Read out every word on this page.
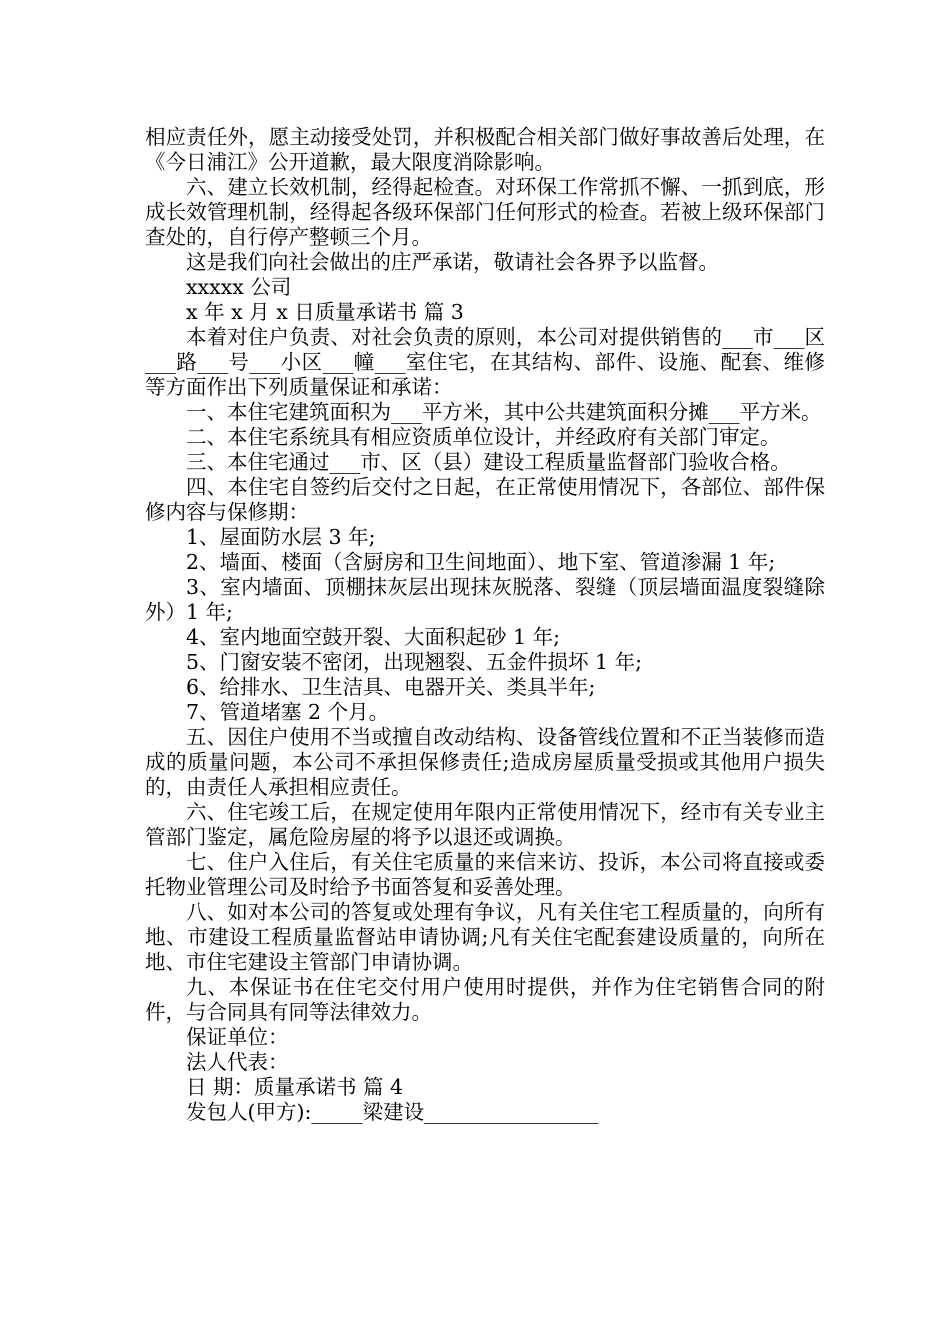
相应责任外，愿主动接受处罚，并积极配合相关部门做好事故善后处理，在《今日浦江》公开道歉，最大限度消除影响。

六、建立长效机制，经得起检查。对环保工作常抓不懈、一抓到底，形成长效管理机制，经得起各级环保部门任何形式的检查。若被上级环保部门查处的，自行停产整顿三个月。

这是我们向社会做出的庄严承诺，敬请社会各界予以监督。

xxxxx 公司

x 年 x 月 x 日质量承诺书 篇 3

本着对住户负责、对社会负责的原则，本公司对提供销售的___市___区___路___号___小区___幢___室住宅，在其结构、部件、设施、配套、维修等方面作出下列质量保证和承诺：

一、本住宅建筑面积为___平方米，其中公共建筑面积分摊___平方米。

二、本住宅系统具有相应资质单位设计，并经政府有关部门审定。

三、本住宅通过___市、区（县）建设工程质量监督部门验收合格。

四、本住宅自签约后交付之日起，在正常使用情况下，各部位、部件保修内容与保修期：

1、屋面防水层 3 年;

2、墙面、楼面（含厨房和卫生间地面）、地下室、管道渗漏 1 年;

3、室内墙面、顶棚抹灰层出现抹灰脱落、裂缝（顶层墙面温度裂缝除外）1 年;

4、室内地面空鼓开裂、大面积起砂 1 年;

5、门窗安装不密闭，出现翘裂、五金件损坏 1 年;

6、给排水、卫生洁具、电器开关、类具半年;

7、管道堵塞 2 个月。

五、因住户使用不当或擅自改动结构、设备管线位置和不正当装修而造成的质量问题，本公司不承担保修责任;造成房屋质量受损或其他用户损失的，由责任人承担相应责任。

六、住宅竣工后，在规定使用年限内正常使用情况下，经市有关专业主管部门鉴定，属危险房屋的将予以退还或调换。

七、住户入住后，有关住宅质量的来信来访、投诉，本公司将直接或委托物业管理公司及时给予书面答复和妥善处理。

八、如对本公司的答复或处理有争议，凡有关住宅工程质量的，向所有地、市建设工程质量监督站申请协调;凡有关住宅配套建设质量的，向所在地、市住宅建设主管部门申请协调。

九、本保证书在住宅交付用户使用时提供，并作为住宅销售合同的附件，与合同具有同等法律效力。

保证单位：

法人代表：

日 期：质量承诺书 篇 4

发包人(甲方):_____梁建设_________________
